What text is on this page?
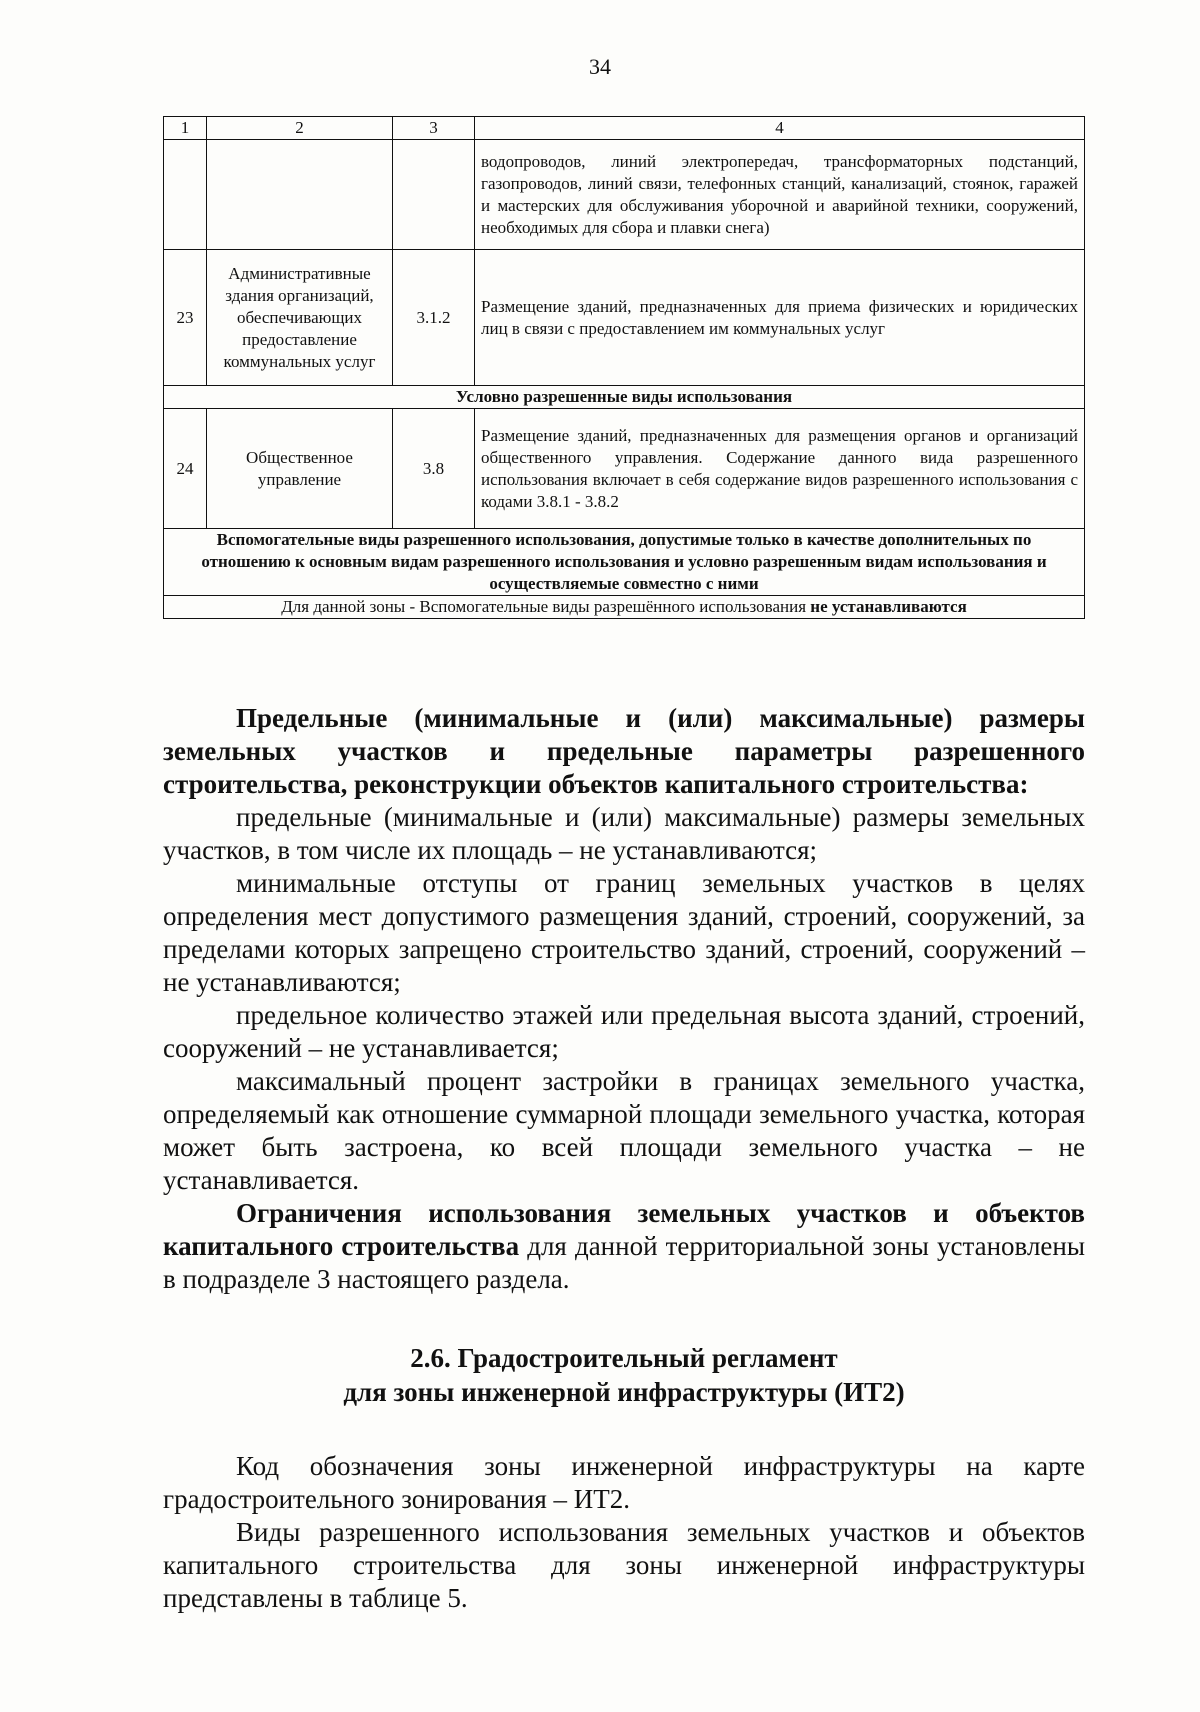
34
1	2	3	4
			водопроводов, линий электропередач, трансформаторных подстанций, газопроводов, линий связи, телефонных станций, канализаций, стоянок, гаражей и мастерских для обслуживания уборочной и аварийной техники, сооружений, необходимых для сбора и плавки снега)
23	Административные здания организаций, обеспечивающих предоставление коммунальных услуг	3.1.2	Размещение зданий, предназначенных для приема физических и юридических лиц в связи с предоставлением им коммунальных услуг
Условно разрешенные виды использования			
24	Общественное управление	3.8	Размещение зданий, предназначенных для размещения органов и организаций общественного управления. Содержание данного вида разрешенного использования включает в себя содержание видов разрешенного использования с кодами 3.8.1 - 3.8.2
Вспомогательные виды разрешенного использования, допустимые только в качестве дополнительных по отношению к основным видам разрешенного использования и условно разрешенным видам использования и осуществляемые совместно с ними			
Для данной зоны - Вспомогательные виды разрешённого использования не устанавливаются			

Предельные (минимальные и (или) максимальные) размеры земельных участков и предельные параметры разрешенного строительства, реконструкции объектов капитального строительства:

предельные (минимальные и (или) максимальные) размеры земельных участков, в том числе их площадь – не устанавливаются;

минимальные отступы от границ земельных участков в целях определения мест допустимого размещения зданий, строений, сооружений, за пределами которых запрещено строительство зданий, строений, сооружений – не устанавливаются;

предельное количество этажей или предельная высота зданий, строений, сооружений – не устанавливается;

максимальный процент застройки в границах земельного участка, определяемый как отношение суммарной площади земельного участка, которая может быть застроена, ко всей площади земельного участка – не устанавливается.

Ограничения использования земельных участков и объектов капитального строительства для данной территориальной зоны установлены в подразделе 3 настоящего раздела.

2.6. Градостроительный регламент
для зоны инженерной инфраструктуры (ИТ2)

Код обозначения зоны инженерной инфраструктуры на карте градостроительного зонирования – ИТ2.

Виды разрешенного использования земельных участков и объектов капитального строительства для зоны инженерной инфраструктуры представлены в таблице 5.
